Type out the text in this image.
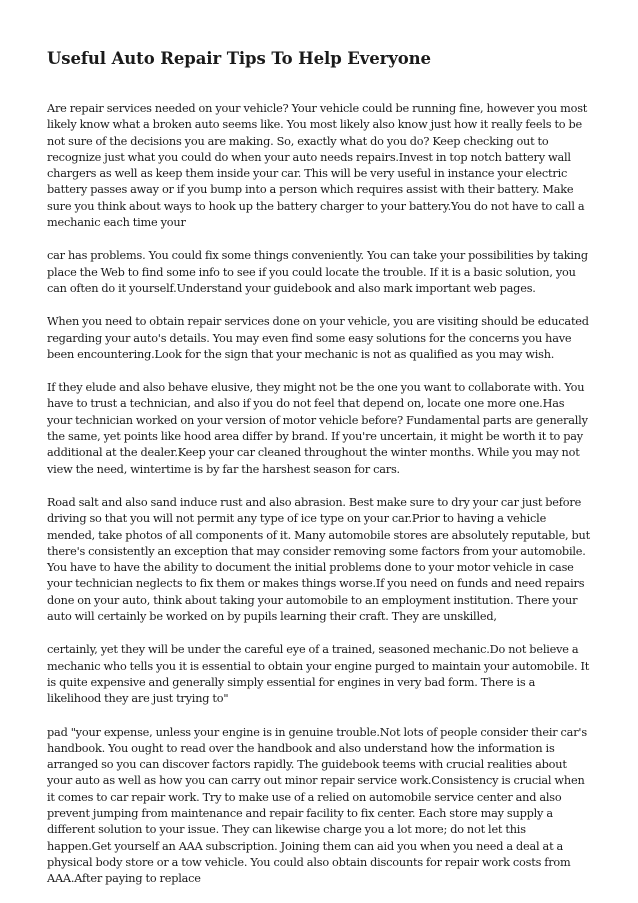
Useful Auto Repair Tips To Help Everyone

Are repair services needed on your vehicle? Your vehicle could be running fine, however you most likely know what a broken auto seems like. You most likely also know just how it really feels to be not sure of the decisions you are making. So, exactly what do you do? Keep checking out to recognize just what you could do when your auto needs repairs.Invest in top notch battery wall chargers as well as keep them inside your car. This will be very useful in instance your electric battery passes away or if you bump into a person which requires assist with their battery. Make sure you think about ways to hook up the battery charger to your battery.You do not have to call a mechanic each time your

car has problems. You could fix some things conveniently. You can take your possibilities by taking place the Web to find some info to see if you could locate the trouble. If it is a basic solution, you can often do it yourself.Understand your guidebook and also mark important web pages.

When you need to obtain repair services done on your vehicle, you are visiting should be educated regarding your auto's details. You may even find some easy solutions for the concerns you have been encountering.Look for the sign that your mechanic is not as qualified as you may wish.

If they elude and also behave elusive, they might not be the one you want to collaborate with. You have to trust a technician, and also if you do not feel that depend on, locate one more one.Has your technician worked on your version of motor vehicle before? Fundamental parts are generally the same, yet points like hood area differ by brand. If you're uncertain, it might be worth it to pay additional at the dealer.Keep your car cleaned throughout the winter months. While you may not view the need, wintertime is by far the harshest season for cars.

Road salt and also sand induce rust and also abrasion. Best make sure to dry your car just before driving so that you will not permit any type of ice type on your car.Prior to having a vehicle mended, take photos of all components of it. Many automobile stores are absolutely reputable, but there's consistently an exception that may consider removing some factors from your automobile. You have to have the ability to document the initial problems done to your motor vehicle in case your technician neglects to fix them or makes things worse.If you need on funds and need repairs done on your auto, think about taking your automobile to an employment institution. There your auto will certainly be worked on by pupils learning their craft. They are unskilled,

certainly, yet they will be under the careful eye of a trained, seasoned mechanic.Do not believe a mechanic who tells you it is essential to obtain your engine purged to maintain your automobile. It is quite expensive and generally simply essential for engines in very bad form. There is a likelihood they are just trying to"

pad "your expense, unless your engine is in genuine trouble.Not lots of people consider their car's handbook. You ought to read over the handbook and also understand how the information is arranged so you can discover factors rapidly. The guidebook teems with crucial realities about your auto as well as how you can carry out minor repair service work.Consistency is crucial when it comes to car repair work. Try to make use of a relied on automobile service center and also prevent jumping from maintenance and repair facility to fix center. Each store may supply a different solution to your issue. They can likewise charge you a lot more; do not let this happen.Get yourself an AAA subscription. Joining them can aid you when you need a deal at a physical body store or a tow vehicle. You could also obtain discounts for repair work costs from AAA.After paying to replace
